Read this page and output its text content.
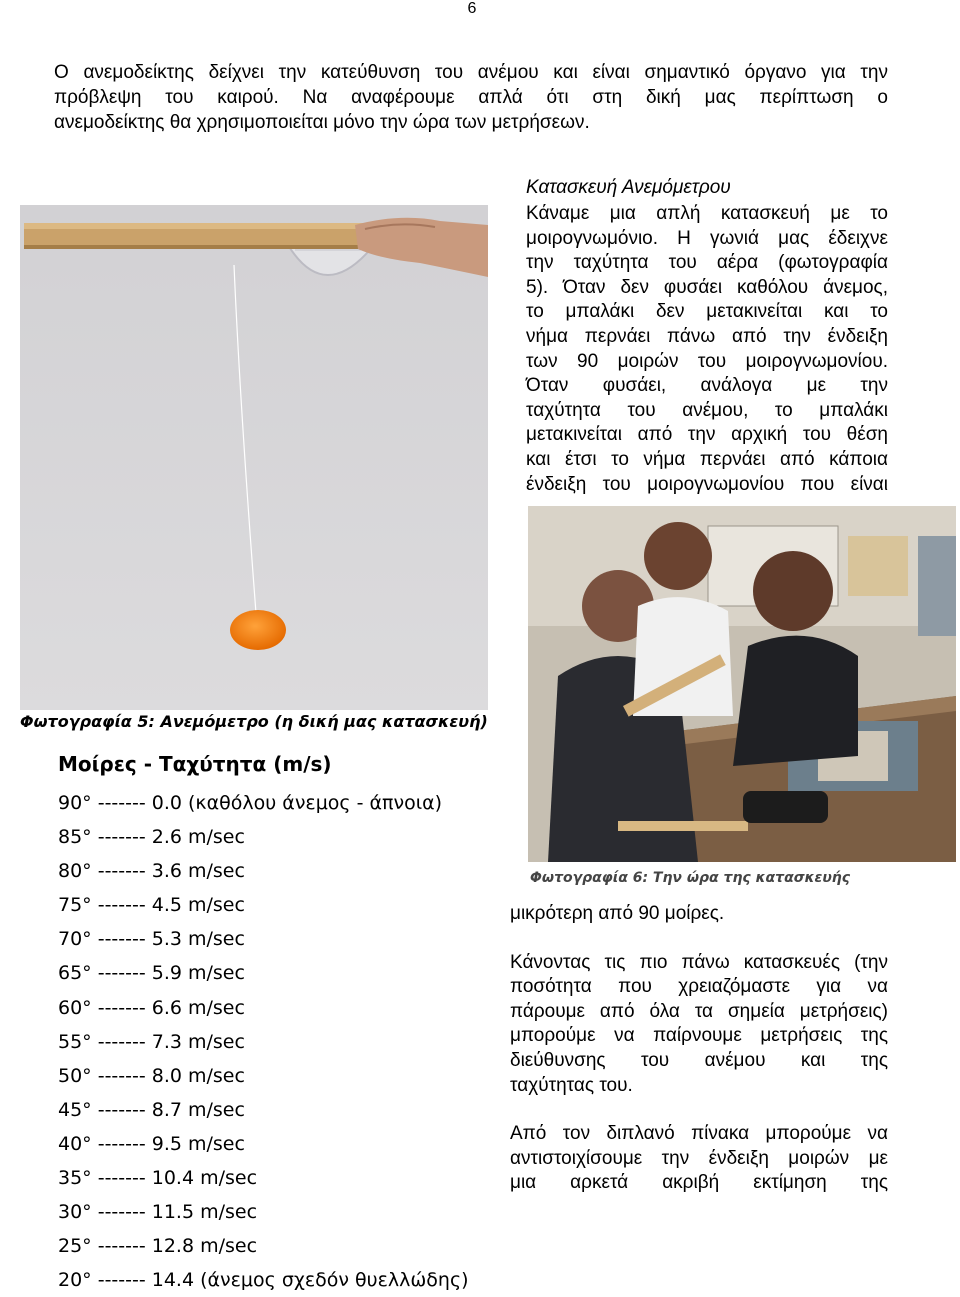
6
Ο ανεμοδείκτης δείχνει την κατεύθυνση του ανέμου και είναι σημαντικό όργανο για την
πρόβλεψη του καιρού. Να αναφέρουμε απλά ότι στη δική μας περίπτωση ο
ανεμοδείκτης θα χρησιμοποιείται μόνο την ώρα των μετρήσεων.
Κατασκευή Ανεμόμετρου
Κάναμε μια απλή κατασκευή με το
μοιρογνωμόνιο. Η γωνιά μας έδειχνε
την ταχύτητα του αέρα (φωτογραφία
5). Όταν δεν φυσάει καθόλου άνεμος,
το μπαλάκι δεν μετακινείται και το
νήμα περνάει πάνω από την ένδειξη
των 90 μοιρών του μοιρογνωμονίου.
Όταν φυσάει, ανάλογα με την
ταχύτητα του ανέμου, το μπαλάκι
μετακινείται από την αρχική του θέση
και έτσι το νήμα περνάει από κάποια
ένδειξη του μοιρογνωμονίου που είναι
Φωτογραφία 5: Ανεμόμετρο (η δική μας κατασκευή)
Φωτογραφία 6: Την ώρα της κατασκευής
Μοίρες - Ταχύτητα (m/s)
90° ------- 0.0 (καθόλου άνεμος - άπνοια)
85° ------- 2.6 m/sec
80° ------- 3.6 m/sec
75° ------- 4.5 m/sec
70° ------- 5.3 m/sec
65° ------- 5.9 m/sec
60° ------- 6.6 m/sec
55° ------- 7.3 m/sec
50° ------- 8.0 m/sec
45° ------- 8.7 m/sec
40° ------- 9.5 m/sec
35° ------- 10.4 m/sec
30° ------- 11.5 m/sec
25° ------- 12.8 m/sec
20° ------- 14.4 (άνεμος σχεδόν θυελλώδης)

μικρότερη από 90 μοίρες.

Κάνοντας τις πιο πάνω κατασκευές (την
ποσότητα που χρειαζόμαστε για να
πάρουμε από όλα τα σημεία μετρήσεις)
μπορούμε να παίρνουμε μετρήσεις της
διεύθυνσης του ανέμου και της
ταχύτητας του.

Από τον διπλανό πίνακα μπορούμε να
αντιστοιχίσουμε την ένδειξη μοιρών με
μια αρκετά ακριβή εκτίμηση της
